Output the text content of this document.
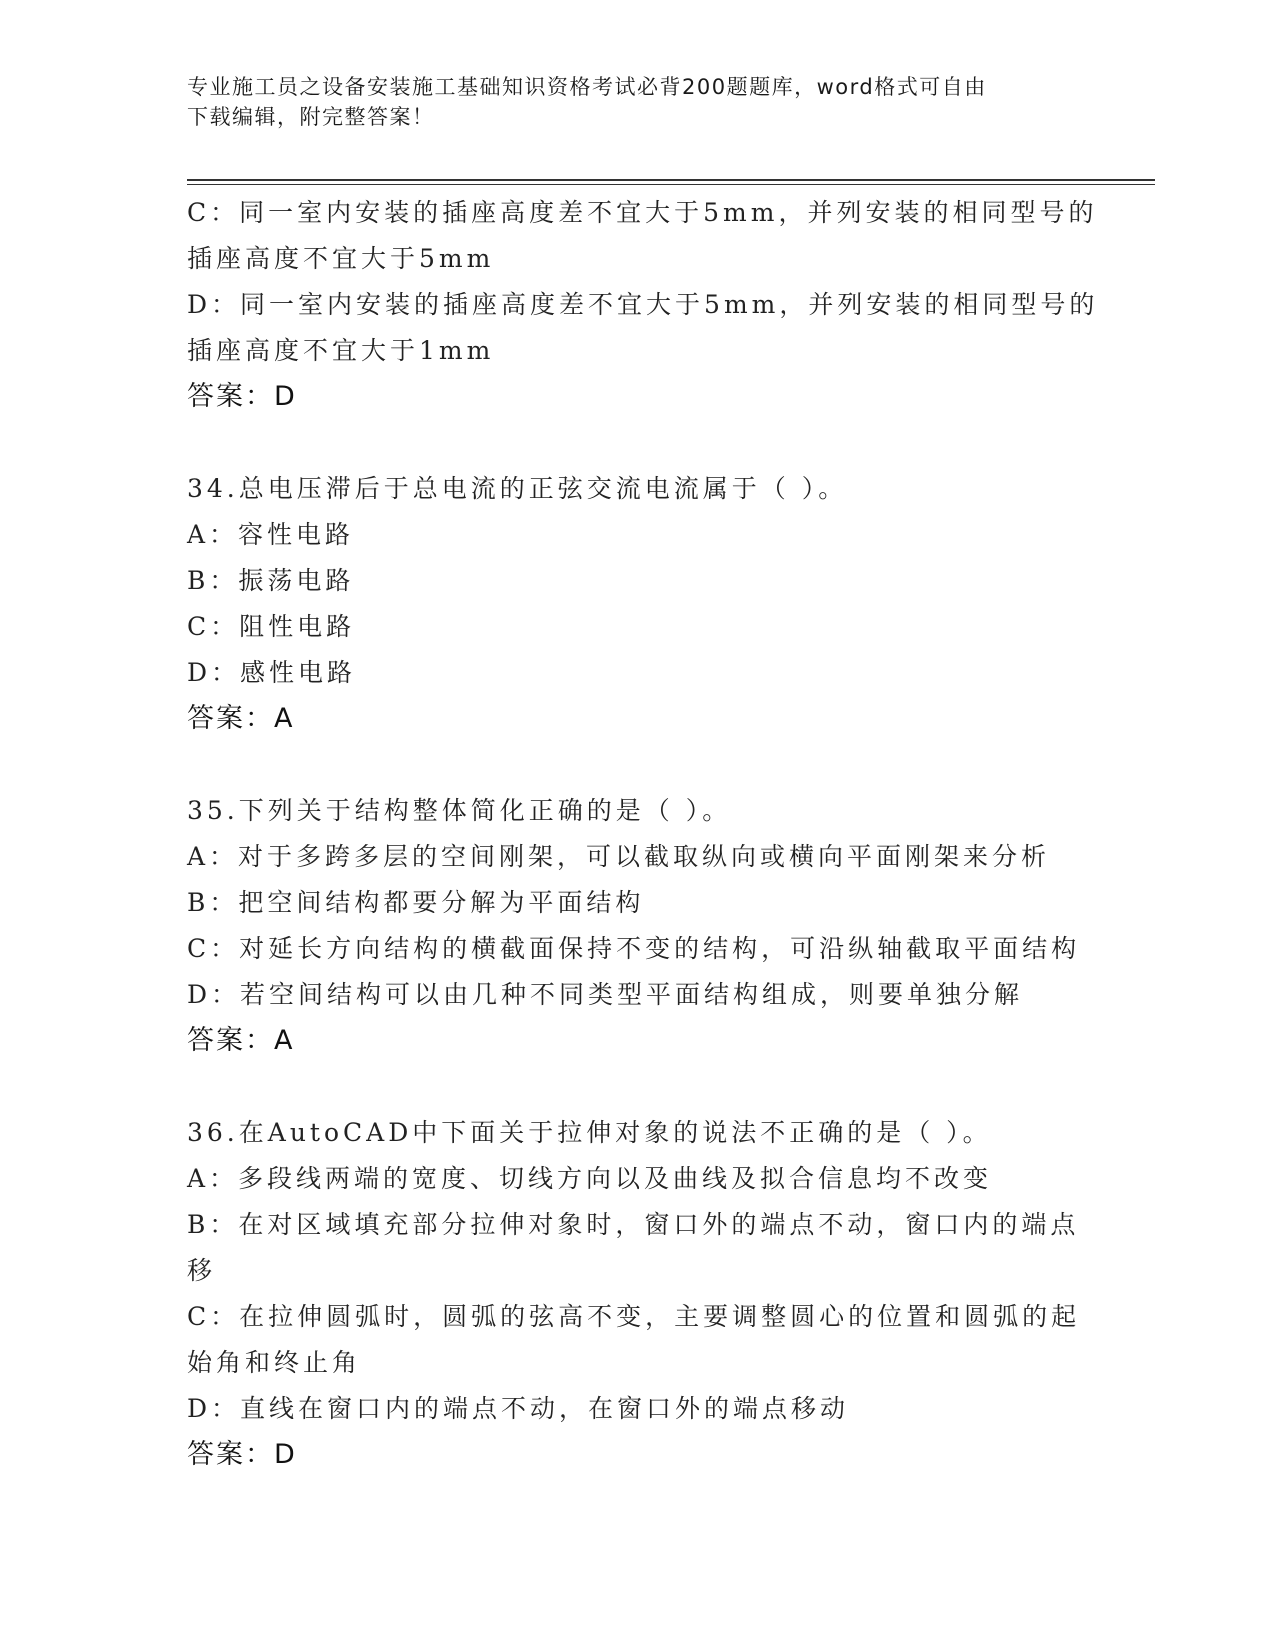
专业施工员之设备安装施工基础知识资格考试必背200题题库，word格式可自由
下载编辑，附完整答案！
C：同一室内安装的插座高度差不宜大于5mm，并列安装的相同型号的
插座高度不宜大于5mm
D：同一室内安装的插座高度差不宜大于5mm，并列安装的相同型号的
插座高度不宜大于1mm
答案：D
34.总电压滞后于总电流的正弦交流电流属于（ ）。
A：容性电路
B：振荡电路
C：阻性电路
D：感性电路
答案：A
35.下列关于结构整体简化正确的是（ ）。
A：对于多跨多层的空间刚架，可以截取纵向或横向平面刚架来分析
B：把空间结构都要分解为平面结构
C：对延长方向结构的横截面保持不变的结构，可沿纵轴截取平面结构
D：若空间结构可以由几种不同类型平面结构组成，则要单独分解
答案：A
36.在AutoCAD中下面关于拉伸对象的说法不正确的是（ ）。
A：多段线两端的宽度、切线方向以及曲线及拟合信息均不改变
B：在对区域填充部分拉伸对象时，窗口外的端点不动，窗口内的端点
移
C：在拉伸圆弧时，圆弧的弦高不变，主要调整圆心的位置和圆弧的起
始角和终止角
D：直线在窗口内的端点不动，在窗口外的端点移动
答案：D
